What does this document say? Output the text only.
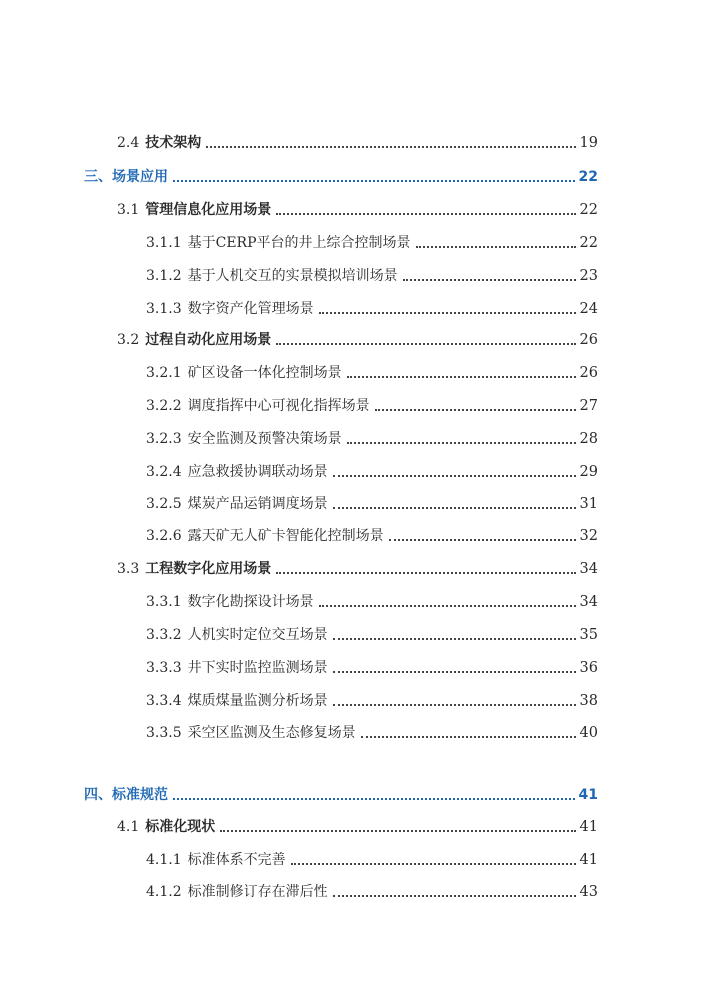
2.4 技术架构	19
三、场景应用	22
3.1 管理信息化应用场景	22
3.1.1 基于CERP平台的井上综合控制场景	22
3.1.2 基于人机交互的实景模拟培训场景	23
3.1.3 数字资产化管理场景	24
3.2 过程自动化应用场景	26
3.2.1 矿区设备一体化控制场景	26
3.2.2 调度指挥中心可视化指挥场景	27
3.2.3 安全监测及预警决策场景	28
3.2.4 应急救援协调联动场景	29
3.2.5 煤炭产品运销调度场景	31
3.2.6 露天矿无人矿卡智能化控制场景	32
3.3 工程数字化应用场景	34
3.3.1 数字化勘探设计场景	34
3.3.2 人机实时定位交互场景	35
3.3.3 井下实时监控监测场景	36
3.3.4 煤质煤量监测分析场景	38
3.3.5 采空区监测及生态修复场景	40
四、标准规范	41
4.1 标准化现状	41
4.1.1 标准体系不完善	41
4.1.2 标准制修订存在滞后性	43
